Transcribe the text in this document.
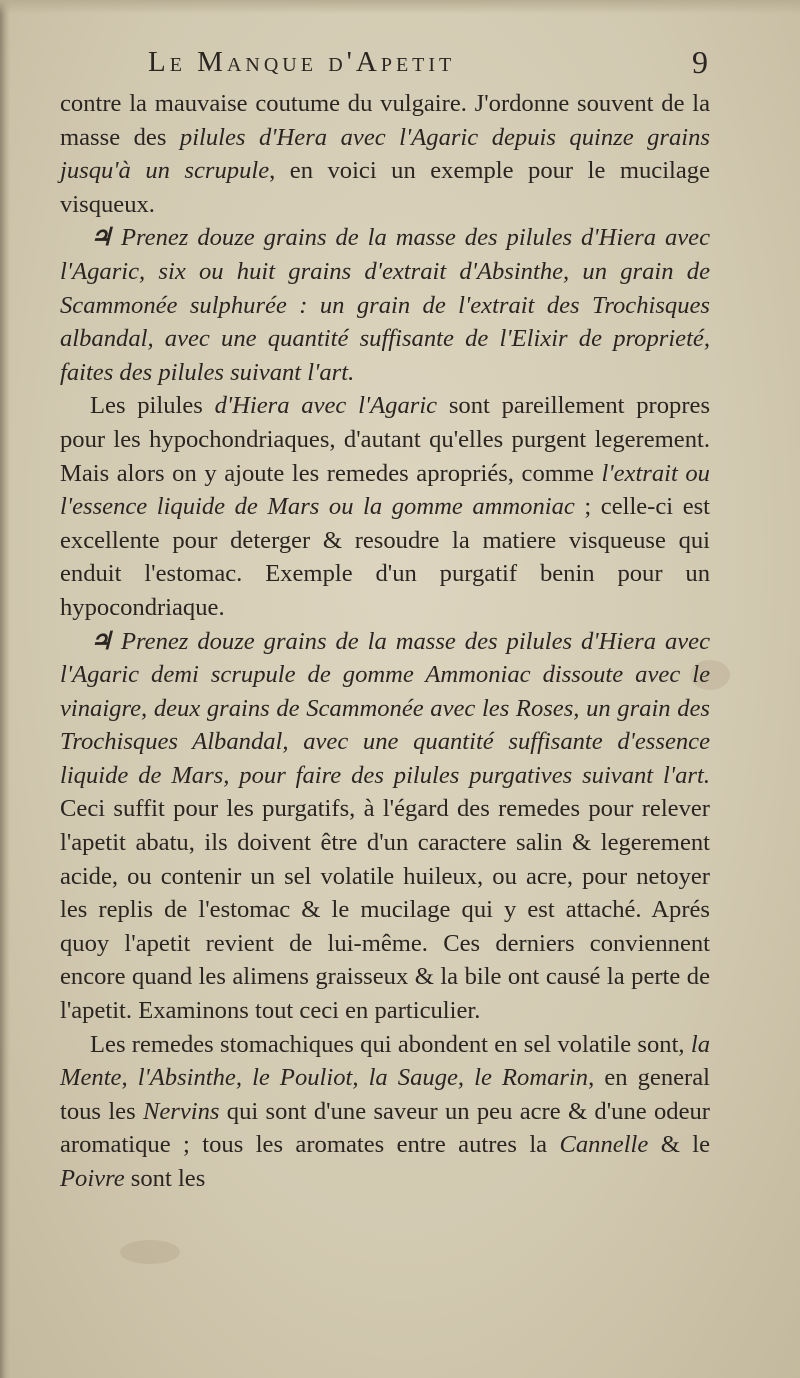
Le Manque d'Apetit	9

contre la mauvaise coutume du vulgaire. J'ordonne souvent de la masse des pilules d'Hera avec l'Agaric depuis quinze grains jusqu'à un scrupule, en voici un exemple pour le mucilage visqueux.

♃ Prenez douze grains de la masse des pilules d'Hiera avec l'Agaric, six ou huit grains d'extrait d'Absinthe, un grain de Scammonée sulphurée : un grain de l'extrait des Trochisques albandal, avec une quantité suffisante de l'Elixir de proprieté, faites des pilules suivant l'art.

Les pilules d'Hiera avec l'Agaric sont pareillement propres pour les hypochondriaques, d'autant qu'elles purgent legerement. Mais alors on y ajoute les remedes apropriés, comme l'extrait ou l'essence liquide de Mars ou la gomme ammoniac ; celle-ci est excellente pour deterger & resoudre la matiere visqueuse qui enduit l'estomac. Exemple d'un purgatif benin pour un hypocondriaque.

♃ Prenez douze grains de la masse des pilules d'Hiera avec l'Agaric demi scrupule de gomme Ammoniac dissoute avec le vinaigre, deux grains de Scammonée avec les Roses, un grain des Trochisques Albandal, avec une quantité suffisante d'essence liquide de Mars, pour faire des pilules purgatives suivant l'art. Ceci suffit pour les purgatifs, à l'égard des remedes pour relever l'apetit abatu, ils doivent être d'un caractere salin & legerement acide, ou contenir un sel volatile huileux, ou acre, pour netoyer les replis de l'estomac & le mucilage qui y est attaché. Aprés quoy l'apetit revient de lui-même. Ces derniers conviennent encore quand les alimens graisseux & la bile ont causé la perte de l'apetit. Examinons tout ceci en particulier.

Les remedes stomachiques qui abondent en sel volatile sont, la Mente, l'Absinthe, le Pouliot, la Sauge, le Romarin, en general tous les Nervins qui sont d'une saveur un peu acre & d'une odeur aromatique ; tous les aromates entre autres la Cannelle & le Poivre sont les
